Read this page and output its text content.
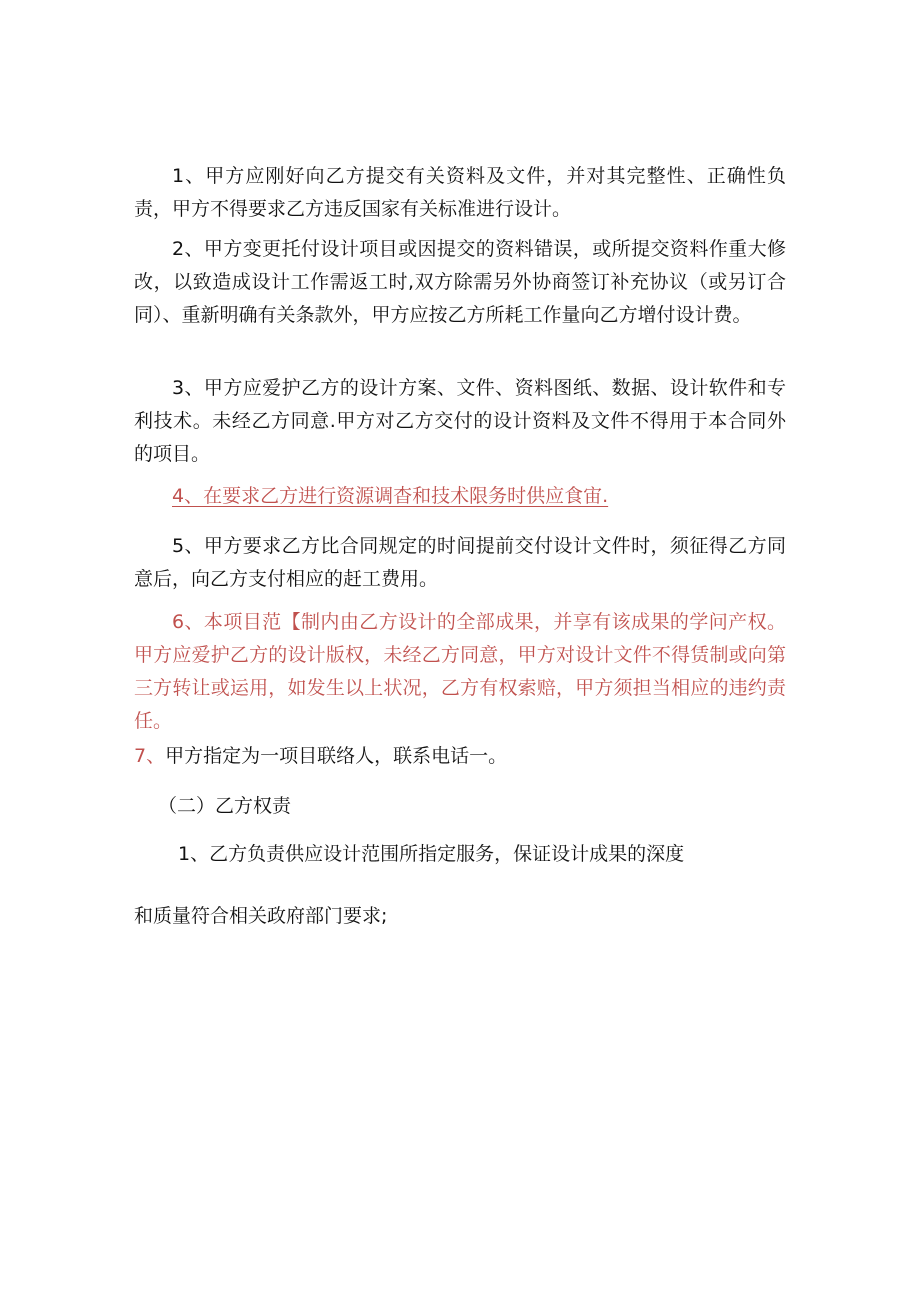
1、甲方应刚好向乙方提交有关资料及文件，并对其完整性、正确性负责，甲方不得要求乙方违反国家有关标准进行设计。

2、甲方变更托付设计项目或因提交的资料错误，或所提交资料作重大修改，以致造成设计工作需返工时,双方除需另外协商签订补充协议（或另订合同）、重新明确有关条款外，甲方应按乙方所耗工作量向乙方增付设计费。

3、甲方应爱护乙方的设计方案、文件、资料图纸、数据、设计软件和专利技术。未经乙方同意.甲方对乙方交付的设计资料及文件不得用于本合同外的项目。

4、在要求乙方进行资源调杳和技术限务时供应食宙.

5、甲方要求乙方比合同规定的时间提前交付设计文件时，须征得乙方同意后，向乙方支付相应的赶工费用。

6、本项目范【制内由乙方设计的全部成果，并享有该成果的学问产权。甲方应爱护乙方的设计版权，未经乙方同意，甲方对设计文件不得赁制或向第三方转让或运用，如发生以上状况，乙方有权索赔，甲方须担当相应的违约责任。

7、甲方指定为一项目联络人，联系电话一。

（二）乙方权责

1、乙方负责供应设计范围所指定服务，保证设计成果的深度

和质量符合相关政府部门要求;
